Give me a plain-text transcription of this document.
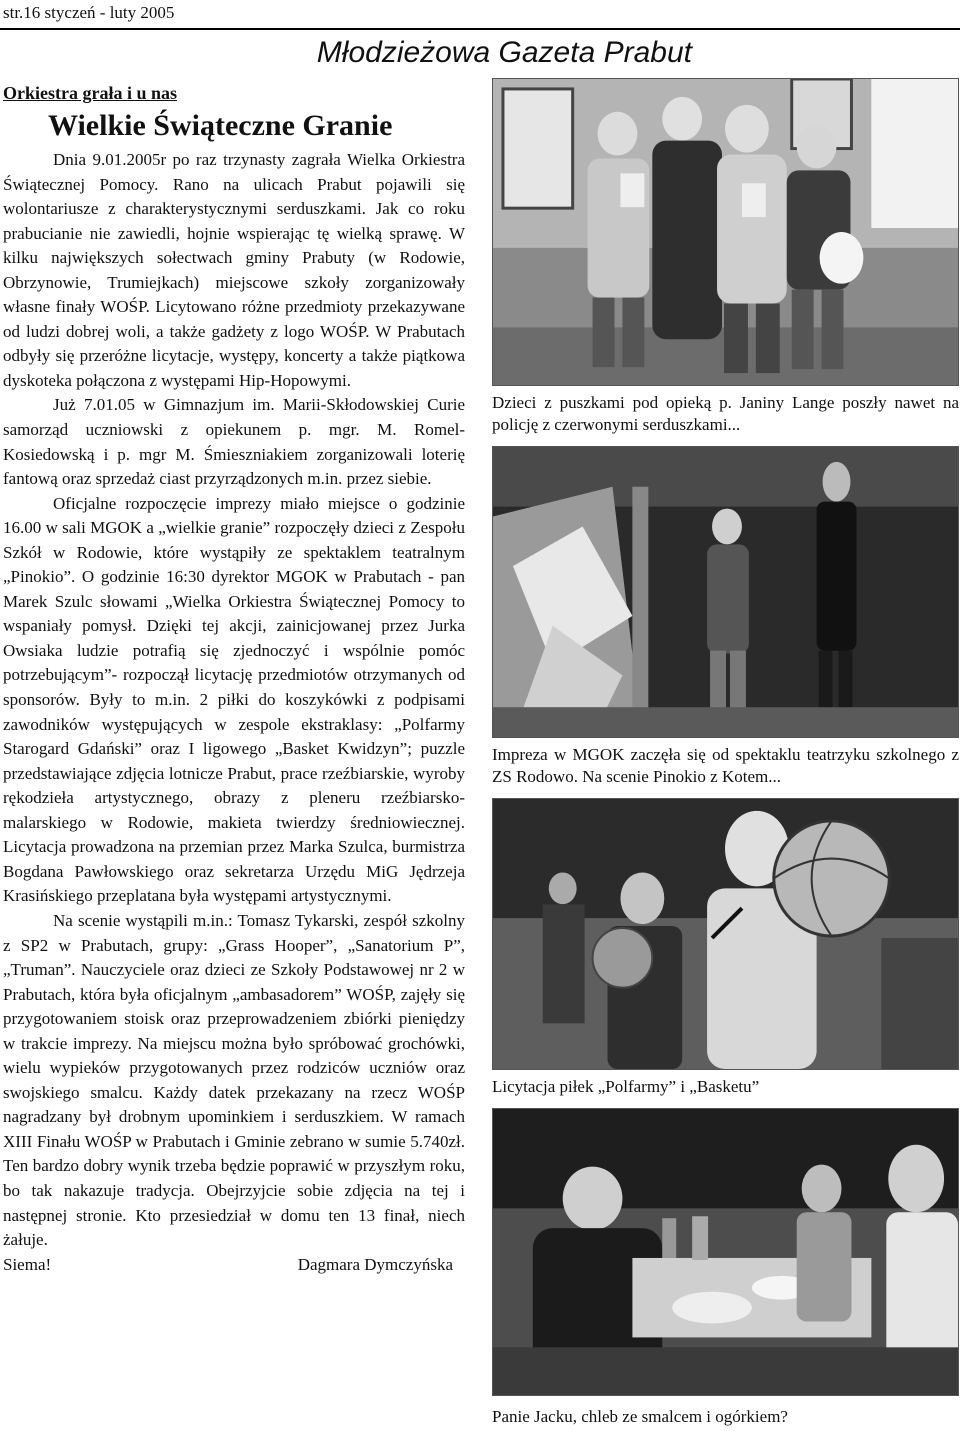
str.16 styczeń - luty 2005
Młodzieżowa Gazeta Prabut
Orkiestra grała i u nas
Wielkie Świąteczne Granie

Dnia 9.01.2005r po raz trzynasty zagrała Wielka Orkiestra Świątecznej Pomocy. Rano na ulicach Prabut pojawili się wolontariusze z charakterystycznymi serduszkami. Jak co roku prabucianie nie zawiedli, hojnie wspierając tę wielką sprawę. W kilku największych sołectwach gminy Prabuty (w Rodowie, Obrzynowie, Trumiejkach) miejscowe szkoły zorganizowały własne finały WOŚP. Licytowano różne przedmioty przekazywane od ludzi dobrej woli, a także gadżety z logo WOŚP. W Prabutach odbyły się przeróżne licytacje, występy, koncerty a także piątkowa dyskoteka połączona z występami Hip-Hopowymi.

Już 7.01.05 w Gimnazjum im. Marii-Skłodowskiej Curie samorząd uczniowski z opiekunem p. mgr. M. Romel- Kosiedowską i p. mgr M. Śmieszniakiem zorganizowali loterię fantową oraz sprzedaż ciast przyrządzonych m.in. przez siebie.

Oficjalne rozpoczęcie imprezy miało miejsce o godzinie 16.00 w sali MGOK a „wielkie granie” rozpoczęły dzieci z Zespołu Szkół w Rodowie, które wystąpiły ze spektaklem teatralnym „Pinokio”. O godzinie 16:30 dyrektor MGOK w Prabutach - pan Marek Szulc słowami „Wielka Orkiestra Świątecznej Pomocy to wspaniały pomysł. Dzięki tej akcji, zainicjowanej przez Jurka Owsiaka ludzie potrafią się zjednoczyć i wspólnie pomóc potrzebującym”- rozpoczął licytację przedmiotów otrzymanych od sponsorów. Były to m.in. 2 piłki do koszykówki z podpisami zawodników występujących w zespole ekstraklasy: „Polfarmy Starogard Gdański” oraz I ligowego „Basket Kwidzyn”; puzzle przedstawiające zdjęcia lotnicze Prabut, prace rzeźbiarskie, wyroby rękodzieła artystycznego, obrazy z pleneru rzeźbiarsko-malarskiego w Rodowie, makieta twierdzy średniowiecznej. Licytacja prowadzona na przemian przez Marka Szulca, burmistrza Bogdana Pawłowskiego oraz sekretarza Urzędu MiG Jędrzeja Krasińskiego przeplatana była występami artystycznymi.

Na scenie wystąpili m.in.: Tomasz Tykarski, zespół szkolny z SP2 w Prabutach, grupy: „Grass Hooper”, „Sanatorium P”, „Truman”. Nauczyciele oraz dzieci ze Szkoły Podstawowej nr 2 w Prabutach, która była oficjalnym „ambasadorem” WOŚP, zajęły się przygotowaniem stoisk oraz przeprowadzeniem zbiórki pieniędzy w trakcie imprezy. Na miejscu można było spróbować grochówki, wielu wypieków przygotowanych przez rodziców uczniów oraz swojskiego smalcu. Każdy datek przekazany na rzecz WOŚP nagradzany był drobnym upominkiem i serduszkiem. W ramach XIII Finału WOŚP w Prabutach i Gminie zebrano w sumie 5.740zł. Ten bardzo dobry wynik trzeba będzie poprawić w przyszłym roku, bo tak nakazuje tradycja. Obejrzyjcie sobie zdjęcia na tej i następnej stronie. Kto przesiedział w domu ten 13 finał, niech żałuje.

Siema!	Dagmara Dymczyńska
Dzieci z puszkami pod opieką p. Janiny Lange poszły nawet na policję z czerwonymi serduszkami...
Impreza w MGOK zaczęła się od spektaklu teatrzyku szkolnego z ZS Rodowo. Na scenie Pinokio z Kotem...
Licytacja piłek „Polfarmy” i „Basketu”
Panie Jacku, chleb ze smalcem i ogórkiem?
